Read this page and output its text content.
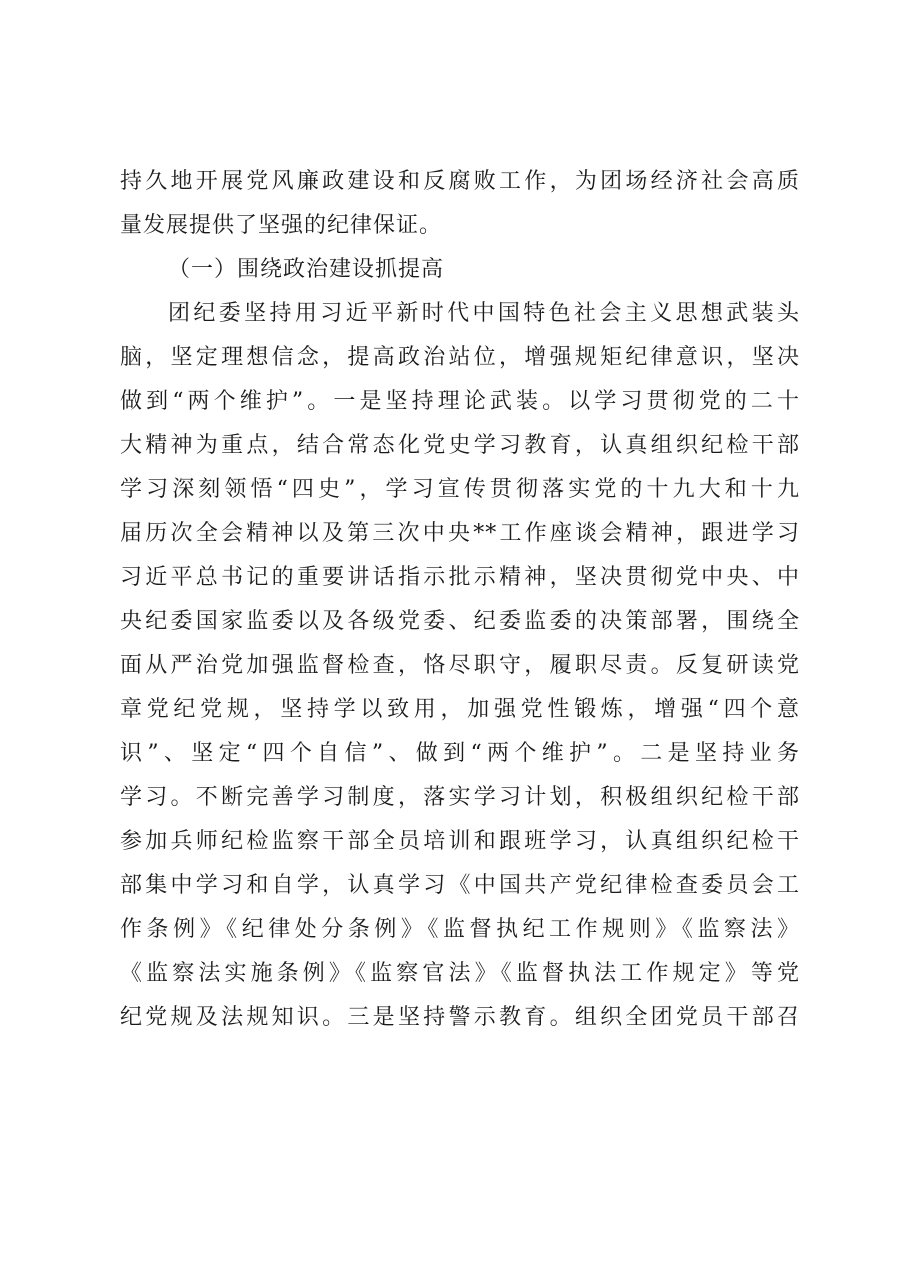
持久地开展党风廉政建设和反腐败工作，为团场经济社会高质
量发展提供了坚强的纪律保证。
（一）围绕政治建设抓提高
团纪委坚持用习近平新时代中国特色社会主义思想武装头
脑，坚定理想信念，提高政治站位，增强规矩纪律意识，坚决
做到“两个维护”。一是坚持理论武装。以学习贯彻党的二十
大精神为重点，结合常态化党史学习教育，认真组织纪检干部
学习深刻领悟“四史”，学习宣传贯彻落实党的十九大和十九
届历次全会精神以及第三次中央**工作座谈会精神，跟进学习
习近平总书记的重要讲话指示批示精神，坚决贯彻党中央、中
央纪委国家监委以及各级党委、纪委监委的决策部署，围绕全
面从严治党加强监督检查，恪尽职守，履职尽责。反复研读党
章党纪党规，坚持学以致用，加强党性锻炼，增强“四个意
识”、坚定“四个自信”、做到“两个维护”。二是坚持业务
学习。不断完善学习制度，落实学习计划，积极组织纪检干部
参加兵师纪检监察干部全员培训和跟班学习，认真组织纪检干
部集中学习和自学，认真学习《中国共产党纪律检查委员会工
作条例》《纪律处分条例》《监督执纪工作规则》《监察法》
《监察法实施条例》《监察官法》《监督执法工作规定》等党
纪党规及法规知识。三是坚持警示教育。组织全团党员干部召
